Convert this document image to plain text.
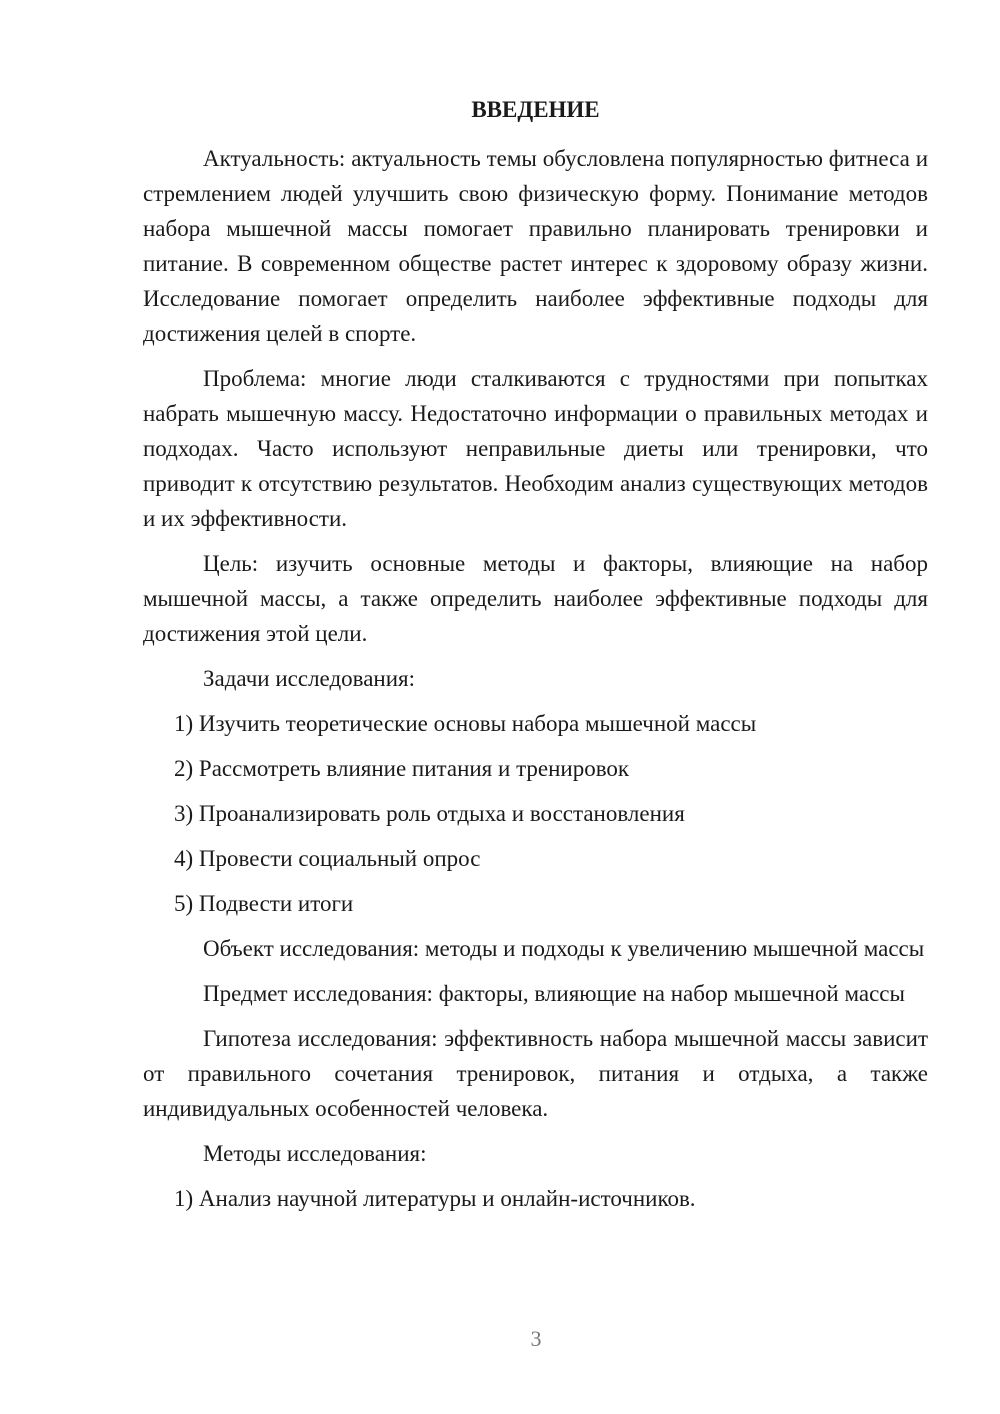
ВВЕДЕНИЕ

Актуальность: актуальность темы обусловлена популярностью фитнеса и стремлением людей улучшить свою физическую форму. Понимание методов набора мышечной массы помогает правильно планировать тренировки и питание. В современном обществе растет интерес к здоровому образу жизни. Исследование помогает определить наиболее эффективные подходы для достижения целей в спорте.

Проблема: многие люди сталкиваются с трудностями при попытках набрать мышечную массу. Недостаточно информации о правильных методах и подходах. Часто используют неправильные диеты или тренировки, что приводит к отсутствию результатов. Необходим анализ существующих методов и их эффективности.

Цель: изучить основные методы и факторы, влияющие на набор мышечной массы, а также определить наиболее эффективные подходы для достижения этой цели.

Задачи исследования:

1) Изучить теоретические основы набора мышечной массы
2) Рассмотреть влияние питания и тренировок
3) Проанализировать роль отдыха и восстановления
4) Провести социальный опрос
5) Подвести итоги

Объект исследования: методы и подходы к увеличению мышечной массы

Предмет исследования: факторы, влияющие на набор мышечной массы

Гипотеза исследования: эффективность набора мышечной массы зависит от правильного сочетания тренировок, питания и отдыха, а также индивидуальных особенностей человека.

Методы исследования:

1) Анализ научной литературы и онлайн-источников.
3
